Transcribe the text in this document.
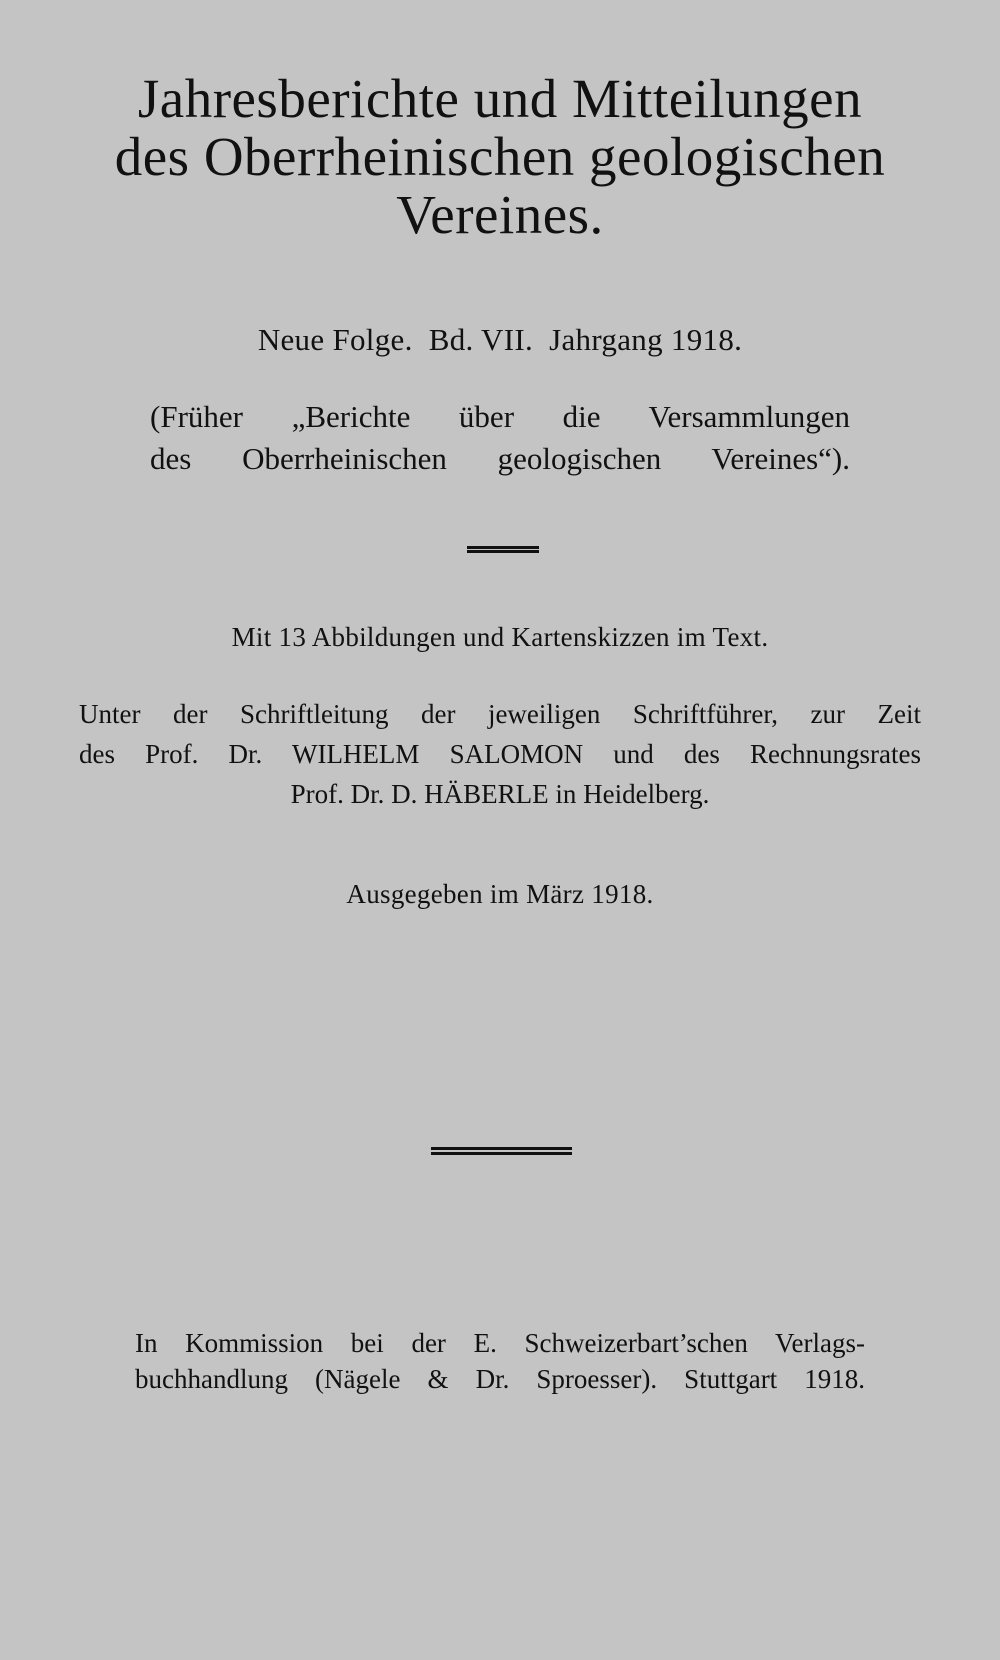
Jahresberichte und Mitteilungen
des Oberrheinischen geologischen
Vereines.
Neue Folge.  Bd. VII.  Jahrgang 1918.
(Früher „Berichte über die Versammlungen
des Oberrheinischen geologischen Vereines“).
Mit 13 Abbildungen und Kartenskizzen im Text.
Unter der Schriftleitung der jeweiligen Schriftführer, zur Zeit
des Prof. Dr. WILHELM SALOMON und des Rechnungsrates
Prof. Dr. D. HÄBERLE in Heidelberg.
Ausgegeben im März 1918.
In Kommission bei der E. Schweizerbart’schen Verlags-
buchhandlung (Nägele & Dr. Sproesser). Stuttgart 1918.
